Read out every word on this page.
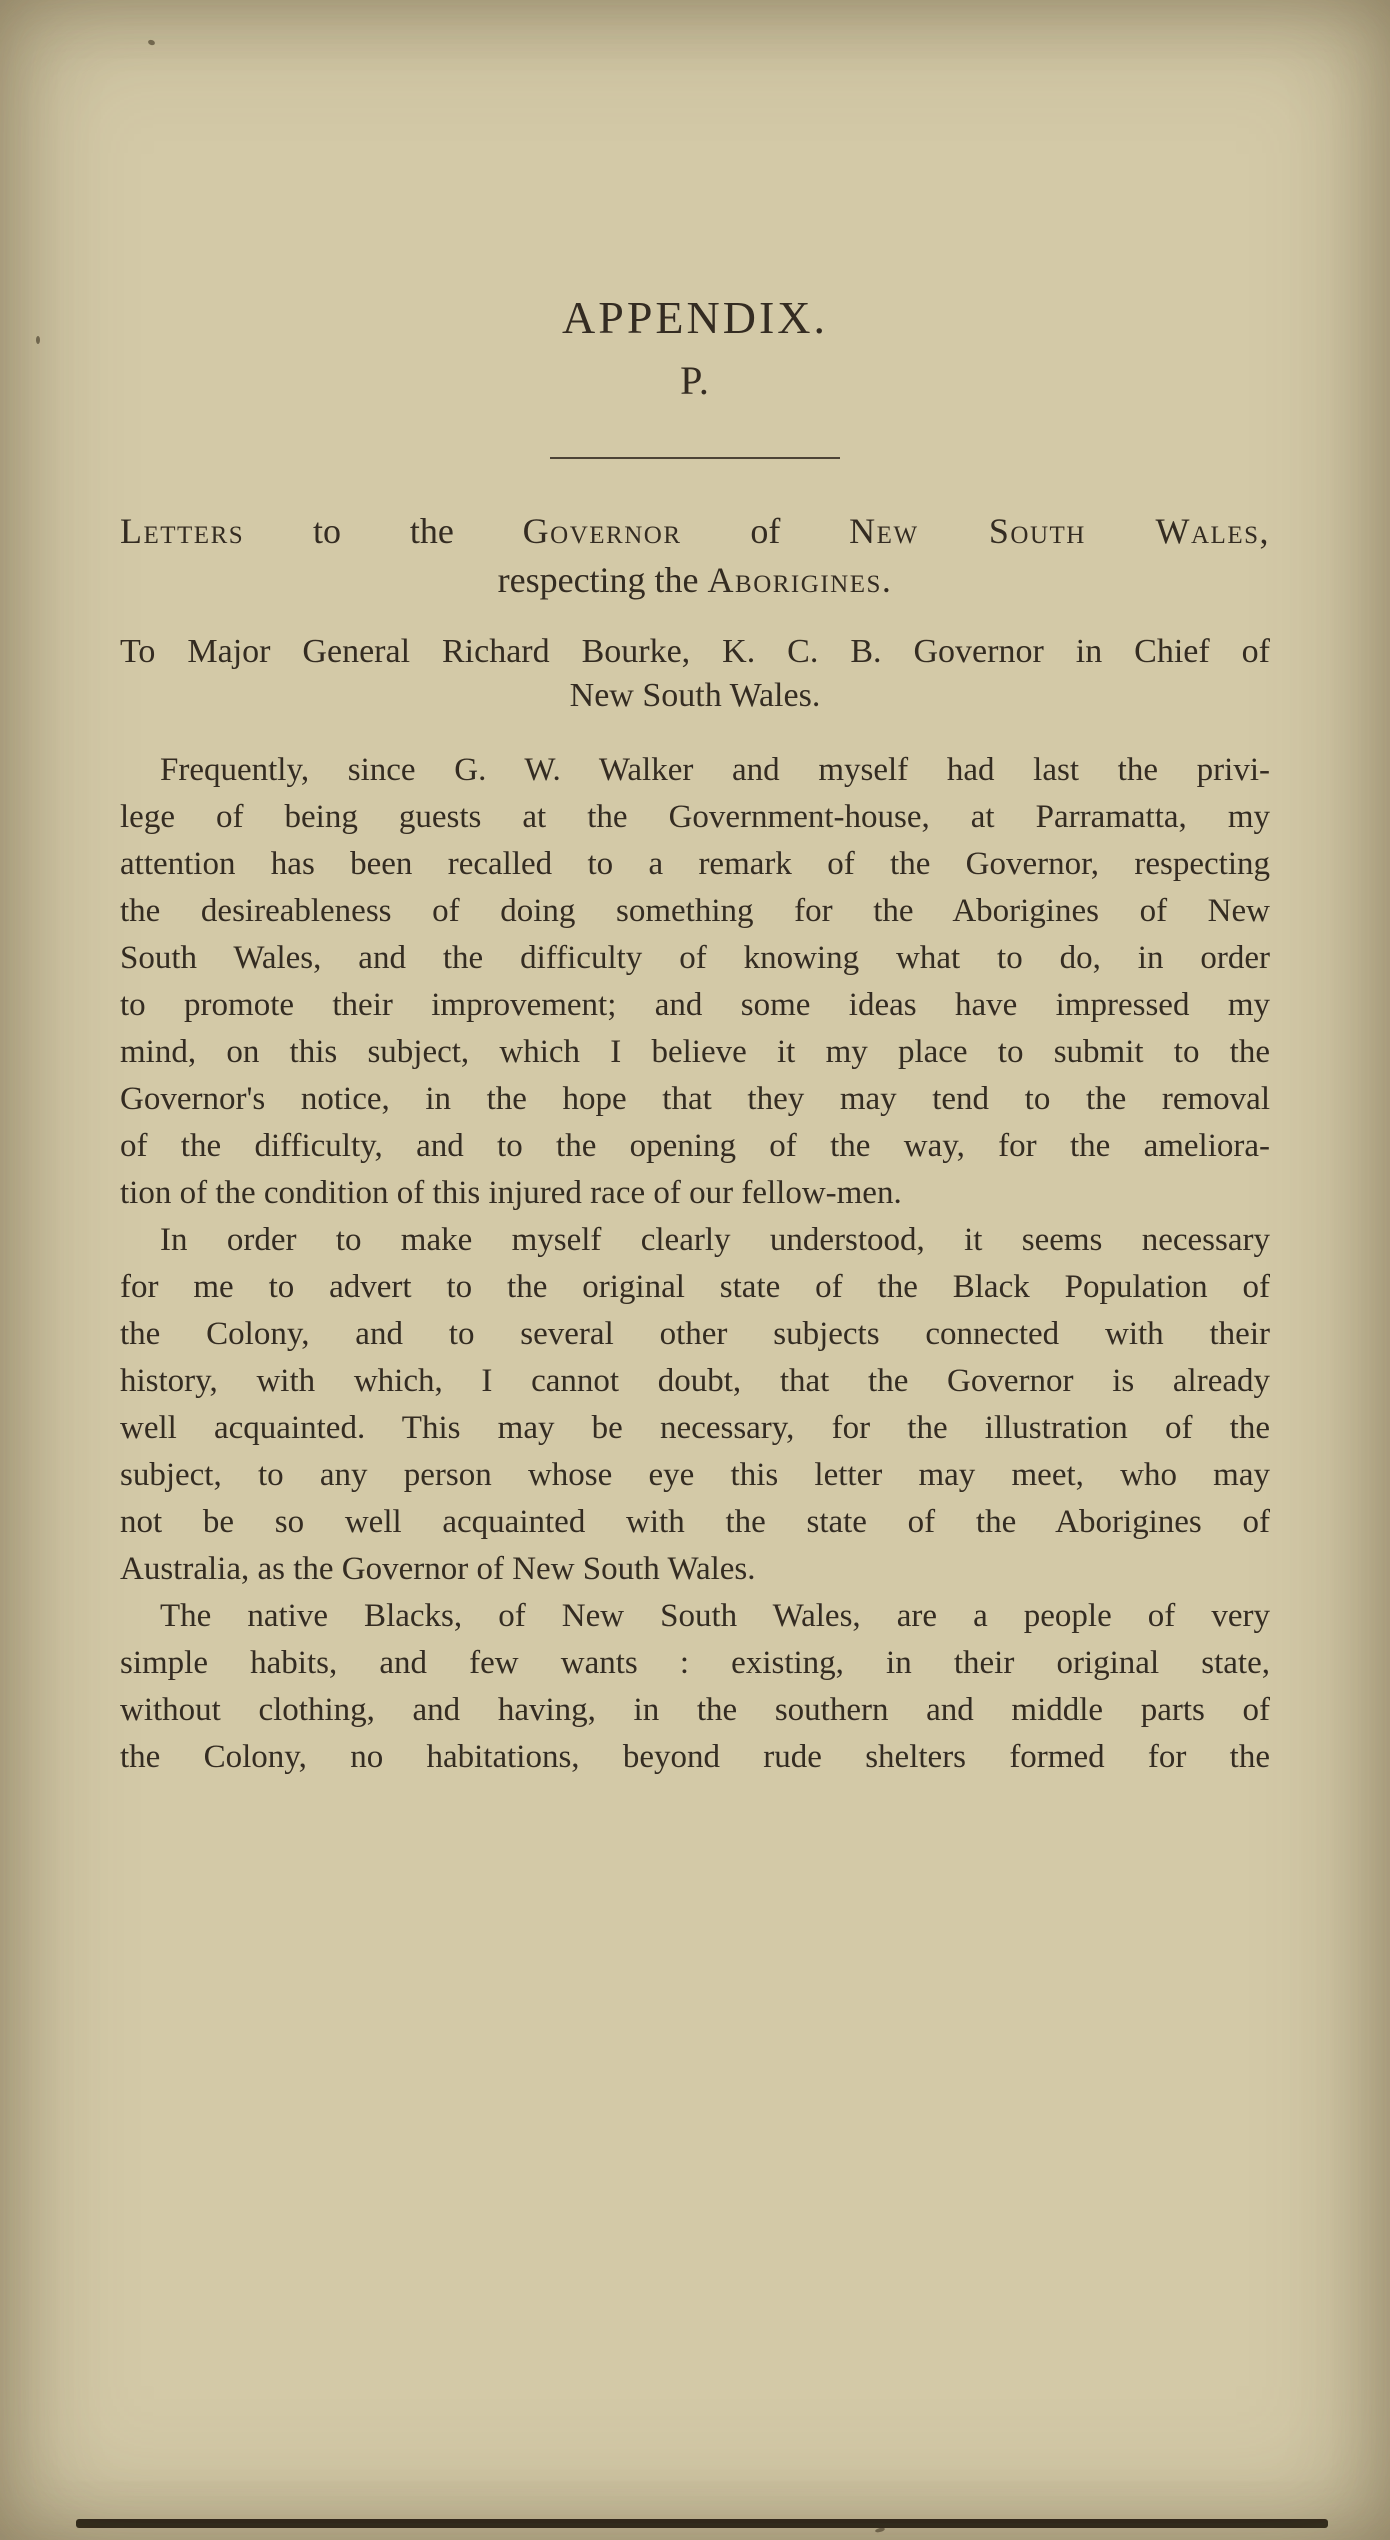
APPENDIX.
P.
Letters to the Governor of New South Wales,
respecting the Aborigines.
To Major General Richard Bourke, K. C. B. Governor in Chief of
New South Wales.
Frequently, since G. W. Walker and myself had last the privi-
lege of being guests at the Government-house, at Parramatta, my
attention has been recalled to a remark of the Governor, respecting
the desireableness of doing something for the Aborigines of New
South Wales, and the difficulty of knowing what to do, in order
to promote their improvement; and some ideas have impressed my
mind, on this subject, which I believe it my place to submit to the
Governor's notice, in the hope that they may tend to the removal
of the difficulty, and to the opening of the way, for the ameliora-
tion of the condition of this injured race of our fellow-men.
In order to make myself clearly understood, it seems necessary
for me to advert to the original state of the Black Population of
the Colony, and to several other subjects connected with their
history, with which, I cannot doubt, that the Governor is already
well acquainted. This may be necessary, for the illustration of the
subject, to any person whose eye this letter may meet, who may
not be so well acquainted with the state of the Aborigines of
Australia, as the Governor of New South Wales.
The native Blacks, of New South Wales, are a people of very
simple habits, and few wants : existing, in their original state,
without clothing, and having, in the southern and middle parts of
the Colony, no habitations, beyond rude shelters formed for the
